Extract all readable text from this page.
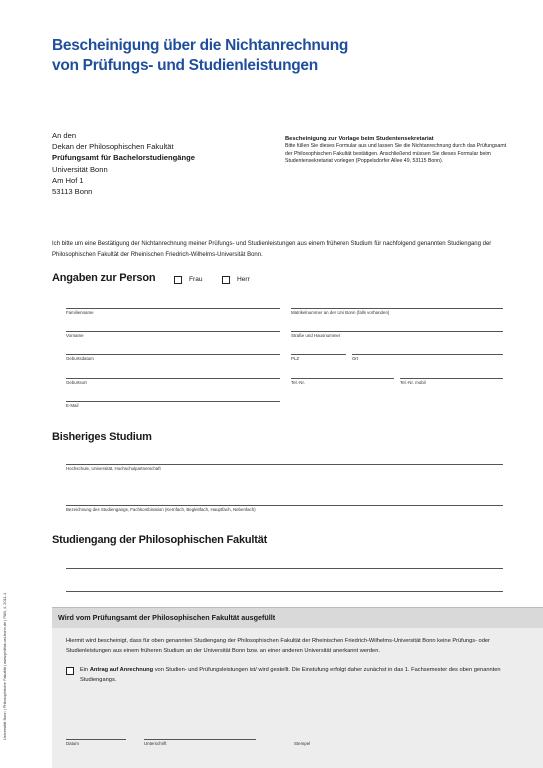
Bescheinigung über die Nichtanrechnung
von Prüfungs- und Studienleistungen
An den
Dekan der Philosophischen Fakultät
Prüfungsamt für Bachelorstudiengänge
Universität Bonn
Am Hof 1
53113 Bonn
Bescheinigung zur Vorlage beim Studentensekretariat
Bitte füllen Sie dieses Formular aus und lassen Sie die Nichtanrechnung durch das Prüfungsamt der Philosophischen Fakultät bestätigen. Anschließend müssen Sie dieses Formular beim Studentensekretariat vorlegen (Poppelsdorfer Allee 49, 53115 Bonn).
Ich bitte um eine Bestätigung der Nichtanrechnung meiner Prüfungs- und Studienleistungen aus einem früheren Studium für nachfolgend genannten Studiengang der Philosophischen Fakultät der Rheinischen Friedrich-Wilhelms-Universität Bonn.
Angaben zur Person	Frau	Herr
Familienname	Matrikelnummer an der Uni Bonn (falls vorhanden)
Vorname	Straße und Hausnummer
Geburtsdatum	PLZ	Ort
Geburtsort	Tel.-Nr.	Tel.-Nr. mobil
E-Mail
Bisheriges Studium
Hochschule, Universität, Hochschulpartnerschaft
Bezeichnung des Studiengangs, Fachkombination (Kernfach, Begleitfach, Hauptfach, Nebenfach)
Studiengang der Philosophischen Fakultät
Wird vom Prüfungsamt der Philosophischen Fakultät ausgefüllt
Hiermit wird bescheinigt, dass für oben genannten Studiengang der Philosophischen Fakultät der Rheinischen Friedrich-Wilhelms-Universität Bonn keine Prüfungs- oder Studienleistungen aus einem früheren Studium an der Universität Bonn bzw. an einer anderen Universität anerkannt werden.
Ein Antrag auf Anrechnung von Studien- und Prüfungsleistungen ist/ wird gestellt. Die Einstufung erfolgt daher zunächst in das 1. Fachsemester des oben genannten Studiengangs.
Datum	Unterschrift	Stempel
Universität Bonn | Philosophische Fakultät | www.philfak.uni-bonn.de | PAB, 4, 2011-1
